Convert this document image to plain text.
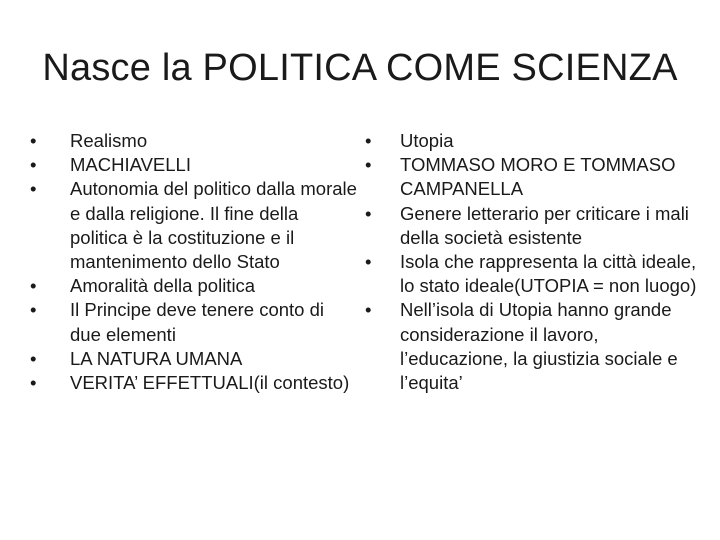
Nasce la POLITICA COME SCIENZA
•	Realismo
•	MACHIAVELLI
•	Autonomia del politico dalla morale e dalla religione. Il fine della politica è la costituzione e il mantenimento dello Stato
•	Amoralità della politica
•	Il Principe deve tenere conto di due elementi
•	LA NATURA UMANA
•	VERITA’ EFFETTUALI(il contesto)
•	Utopia
•	TOMMASO MORO E TOMMASO CAMPANELLA
•	Genere letterario per criticare i mali della società esistente
•	Isola che rappresenta la città ideale, lo stato ideale(UTOPIA = non luogo)
•	Nell’isola di Utopia hanno grande considerazione il lavoro, l’educazione, la giustizia sociale e l’equita’
